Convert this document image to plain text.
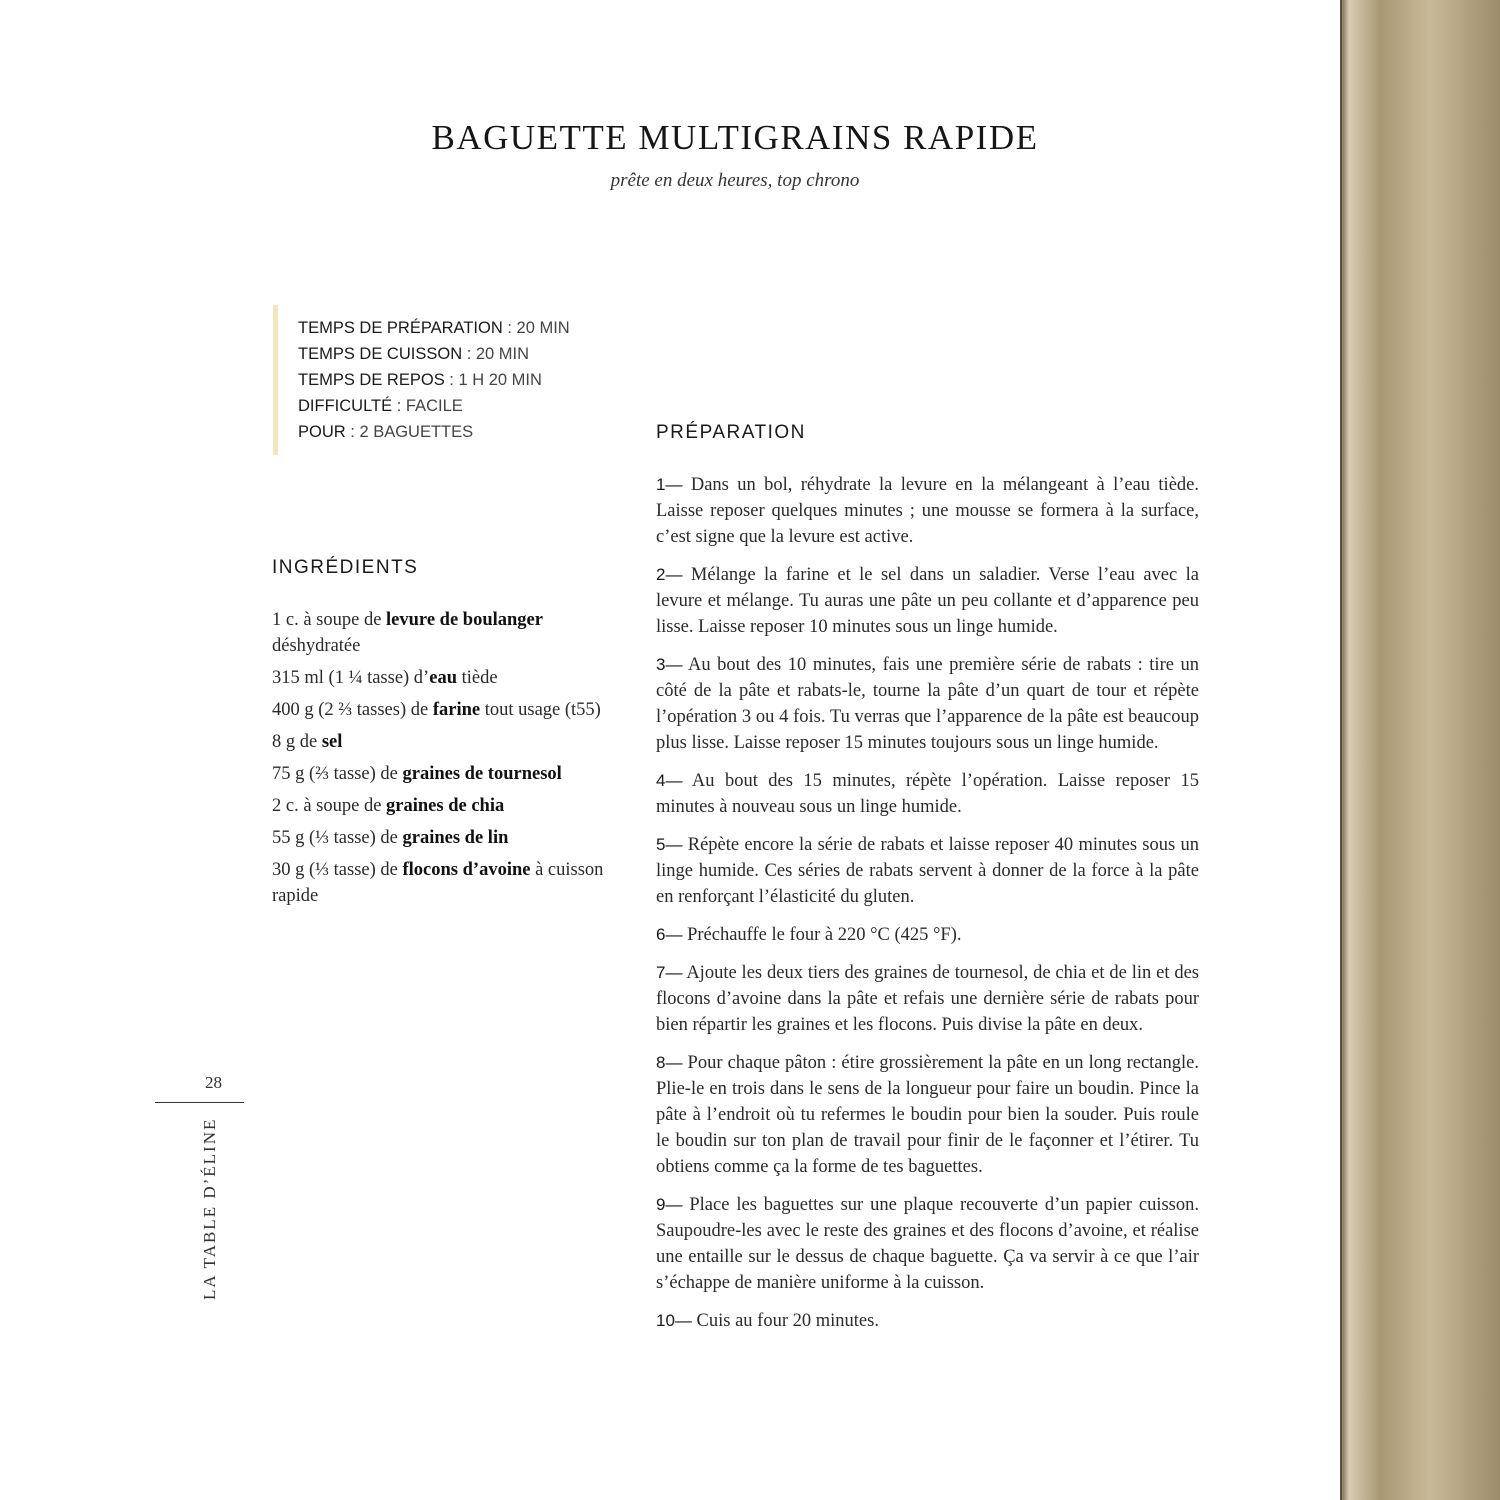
BAGUETTE MULTIGRAINS RAPIDE
prête en deux heures, top chrono
TEMPS DE PRÉPARATION : 20 MIN
TEMPS DE CUISSON : 20 MIN
TEMPS DE REPOS : 1 H 20 MIN
DIFFICULTÉ : FACILE
POUR : 2 BAGUETTES
INGRÉDIENTS
1 c. à soupe de levure de boulanger déshydratée
315 ml (1 ¼ tasse) d’eau tiède
400 g (2 ⅔ tasses) de farine tout usage (t55)
8 g de sel
75 g (⅔ tasse) de graines de tournesol
2 c. à soupe de graines de chia
55 g (⅓ tasse) de graines de lin
30 g (⅓ tasse) de flocons d’avoine à cuisson rapide
PRÉPARATION
1— Dans un bol, réhydrate la levure en la mélangeant à l’eau tiède. Laisse reposer quelques minutes ; une mousse se formera à la surface, c’est signe que la levure est active.
2— Mélange la farine et le sel dans un saladier. Verse l’eau avec la levure et mélange. Tu auras une pâte un peu collante et d’apparence peu lisse. Laisse reposer 10 minutes sous un linge humide.
3— Au bout des 10 minutes, fais une première série de rabats : tire un côté de la pâte et rabats-le, tourne la pâte d’un quart de tour et répète l’opération 3 ou 4 fois. Tu verras que l’apparence de la pâte est beaucoup plus lisse. Laisse reposer 15 minutes toujours sous un linge humide.
4— Au bout des 15 minutes, répète l’opération. Laisse reposer 15 minutes à nouveau sous un linge humide.
5— Répète encore la série de rabats et laisse reposer 40 minutes sous un linge humide. Ces séries de rabats servent à donner de la force à la pâte en renforçant l’élasticité du gluten.
6— Préchauffe le four à 220 °C (425 °F).
7— Ajoute les deux tiers des graines de tournesol, de chia et de lin et des flocons d’avoine dans la pâte et refais une dernière série de rabats pour bien répartir les graines et les flocons. Puis divise la pâte en deux.
8— Pour chaque pâton : étire grossièrement la pâte en un long rectangle. Plie-le en trois dans le sens de la longueur pour faire un boudin. Pince la pâte à l’endroit où tu refermes le boudin pour bien la souder. Puis roule le boudin sur ton plan de travail pour finir de le façonner et l’étirer. Tu obtiens comme ça la forme de tes baguettes.
9— Place les baguettes sur une plaque recouverte d’un papier cuisson. Saupoudre-les avec le reste des graines et des flocons d’avoine, et réalise une entaille sur le dessus de chaque baguette. Ça va servir à ce que l’air s’échappe de manière uniforme à la cuisson.
10— Cuis au four 20 minutes.
28
LA TABLE D’ÉLINE
